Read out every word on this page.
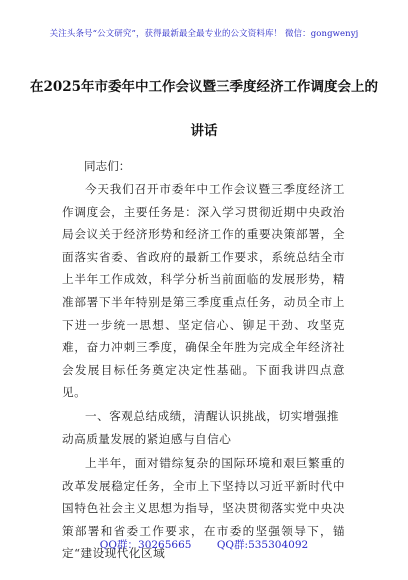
关注头条号“公文研究”，获得最新最全最专业的公文资料库！ 微信：gongwenyj
在2025年市委年中工作会议暨三季度经济工作调度会上的
讲话
同志们：
今天我们召开市委年中工作会议暨三季度经济工作调度会，主要任务是：深入学习贯彻近期中央政治局会议关于经济形势和经济工作的重要决策部署，全面落实省委、省政府的最新工作要求，系统总结全市上半年工作成效，科学分析当前面临的发展形势，精准部署下半年特别是第三季度重点任务，动员全市上下进一步统一思想、坚定信心、铆足干劲、攻坚克难，奋力冲刺三季度，确保全年胜为完成全年经济社会发展目标任务奠定决定性基础。下面我讲四点意见。
一、客观总结成绩，清醒认识挑战，切实增强推动高质量发展的紧迫感与自信心
上半年，面对错综复杂的国际环境和艰巨繁重的改革发展稳定任务，全市上下坚持以习近平新时代中国特色社会主义思想为指导，坚决贯彻落实党中央决策部署和省委工作要求，在市委的坚强领导下，锚定“建设现代化区域
QQ群：30265665 QQ群:535304092
